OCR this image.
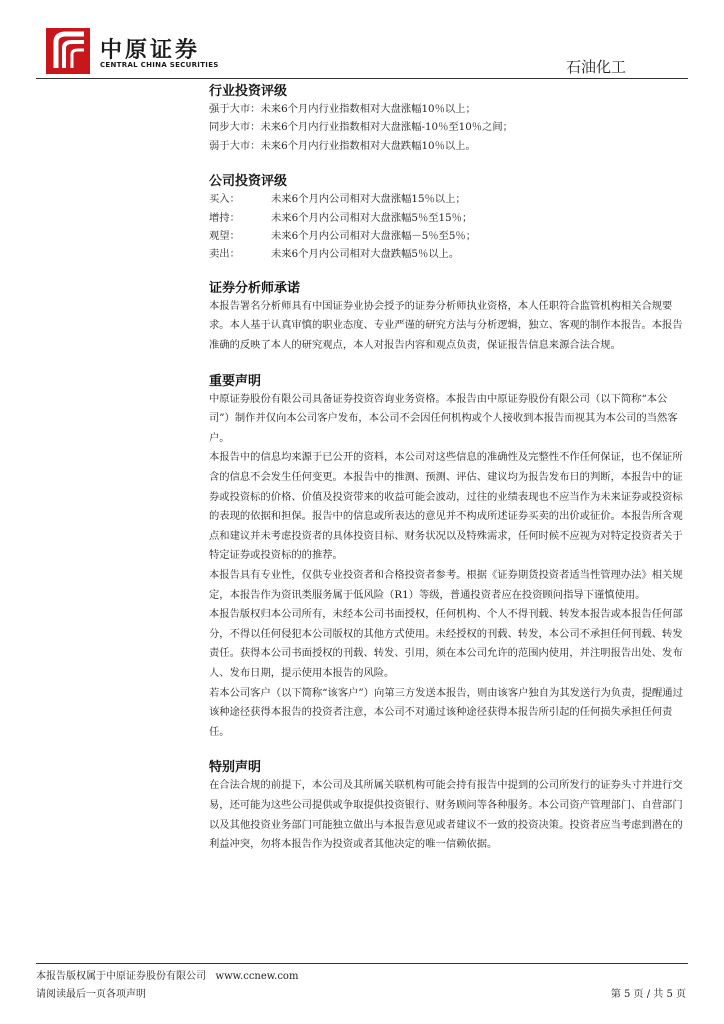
中原证券
CENTRAL CHINA SECURITIES	石油化工
行业投资评级
强于大市：未来6个月内行业指数相对大盘涨幅10％以上；
同步大市：未来6个月内行业指数相对大盘涨幅-10％至10％之间；
弱于大市：未来6个月内行业指数相对大盘跌幅10％以上。
公司投资评级
买入：	未来6个月内公司相对大盘涨幅15％以上；
增持：	未来6个月内公司相对大盘涨幅5％至15％；
观望：	未来6个月内公司相对大盘涨幅－5％至5％；
卖出：	未来6个月内公司相对大盘跌幅5％以上。
证券分析师承诺
本报告署名分析师具有中国证券业协会授予的证券分析师执业资格，本人任职符合监管机构相关合规要求。本人基于认真审慎的职业态度、专业严谨的研究方法与分析逻辑，独立、客观的制作本报告。本报告准确的反映了本人的研究观点，本人对报告内容和观点负责，保证报告信息来源合法合规。
重要声明
中原证券股份有限公司具备证券投资咨询业务资格。本报告由中原证券股份有限公司（以下简称“本公司”）制作并仅向本公司客户发布，本公司不会因任何机构或个人接收到本报告而视其为本公司的当然客户。
本报告中的信息均来源于已公开的资料，本公司对这些信息的准确性及完整性不作任何保证，也不保证所含的信息不会发生任何变更。本报告中的推测、预测、评估、建议均为报告发布日的判断，本报告中的证券或投资标的价格、价值及投资带来的收益可能会波动，过往的业绩表现也不应当作为未来证券或投资标的表现的依据和担保。报告中的信息或所表达的意见并不构成所述证券买卖的出价或征价。本报告所含观点和建议并未考虑投资者的具体投资目标、财务状况以及特殊需求，任何时候不应视为对特定投资者关于特定证券或投资标的的推荐。
本报告具有专业性，仅供专业投资者和合格投资者参考。根据《证券期货投资者适当性管理办法》相关规定，本报告作为资讯类服务属于低风险（R1）等级，普通投资者应在投资顾问指导下谨慎使用。
本报告版权归本公司所有，未经本公司书面授权，任何机构、个人不得刊载、转发本报告或本报告任何部分，不得以任何侵犯本公司版权的其他方式使用。未经授权的刊载、转发，本公司不承担任何刊载、转发责任。获得本公司书面授权的刊载、转发、引用，须在本公司允许的范围内使用，并注明报告出处、发布人、发布日期，提示使用本报告的风险。
若本公司客户（以下简称“该客户”）向第三方发送本报告，则由该客户独自为其发送行为负责，提醒通过该种途径获得本报告的投资者注意，本公司不对通过该种途径获得本报告所引起的任何损失承担任何责任。
特别声明
在合法合规的前提下，本公司及其所属关联机构可能会持有报告中提到的公司所发行的证券头寸并进行交易，还可能为这些公司提供或争取提供投资银行、财务顾问等各种服务。本公司资产管理部门、自营部门以及其他投资业务部门可能独立做出与本报告意见或者建议不一致的投资决策。投资者应当考虑到潜在的利益冲突，勿将本报告作为投资或者其他决定的唯一信赖依据。
本报告版权属于中原证券股份有限公司 www.ccnew.com
请阅读最后一页各项声明	第 5 页 / 共 5 页
